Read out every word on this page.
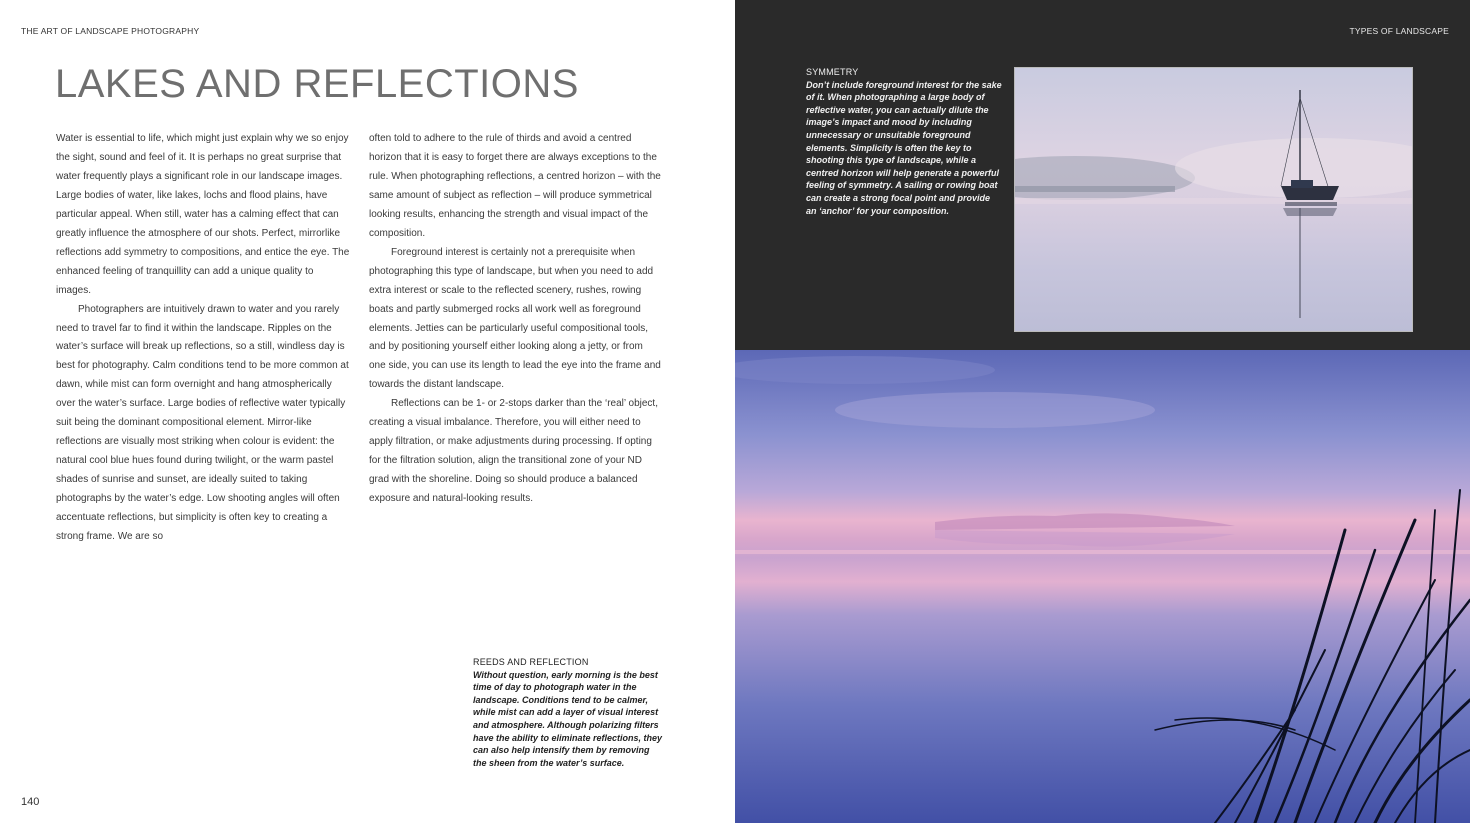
THE ART OF LANDSCAPE PHOTOGRAPHY
LAKES AND REFLECTIONS

Water is essential to life, which might just explain why we so enjoy the sight, sound and feel of it. It is perhaps no great surprise that water frequently plays a significant role in our landscape images. Large bodies of water, like lakes, lochs and flood plains, have particular appeal. When still, water has a calming effect that can greatly influence the atmosphere of our shots. Perfect, mirrorlike reflections add symmetry to compositions, and entice the eye. The enhanced feeling of tranquillity can add a unique quality to images.

Photographers are intuitively drawn to water and you rarely need to travel far to find it within the landscape. Ripples on the water’s surface will break up reflections, so a still, windless day is best for photography. Calm conditions tend to be more common at dawn, while mist can form overnight and hang atmospherically over the water’s surface. Large bodies of reflective water typically suit being the dominant compositional element. Mirror-like reflections are visually most striking when colour is evident: the natural cool blue hues found during twilight, or the warm pastel shades of sunrise and sunset, are ideally suited to taking photographs by the water’s edge. Low shooting angles will often accentuate reflections, but simplicity is often key to creating a strong frame. We are so

often told to adhere to the rule of thirds and avoid a centred horizon that it is easy to forget there are always exceptions to the rule. When photographing reflections, a centred horizon – with the same amount of subject as reflection – will produce symmetrical looking results, enhancing the strength and visual impact of the composition.

Foreground interest is certainly not a prerequisite when photographing this type of landscape, but when you need to add extra interest or scale to the reflected scenery, rushes, rowing boats and partly submerged rocks all work well as foreground elements. Jetties can be particularly useful compositional tools, and by positioning yourself either looking along a jetty, or from one side, you can use its length to lead the eye into the frame and towards the distant landscape.

Reflections can be 1- or 2-stops darker than the ‘real’ object, creating a visual imbalance. Therefore, you will either need to apply filtration, or make adjustments during processing. If opting for the filtration solution, align the transitional zone of your ND grad with the shoreline. Doing so should produce a balanced exposure and natural-looking results.

REEDS AND REFLECTION
Without question, early morning is the best time of day to photograph water in the landscape. Conditions tend to be calmer, while mist can add a layer of visual interest and atmosphere. Although polarizing filters have the ability to eliminate reflections, they can also help intensify them by removing the sheen from the water’s surface.
140
TYPES OF LANDSCAPE
SYMMETRY
Don’t include foreground interest for the sake of it. When photographing a large body of reflective water, you can actually dilute the image’s impact and mood by including unnecessary or unsuitable foreground elements. Simplicity is often the key to shooting this type of landscape, while a centred horizon will help generate a powerful feeling of symmetry. A sailing or rowing boat can create a strong focal point and provide an ‘anchor’ for your composition.
